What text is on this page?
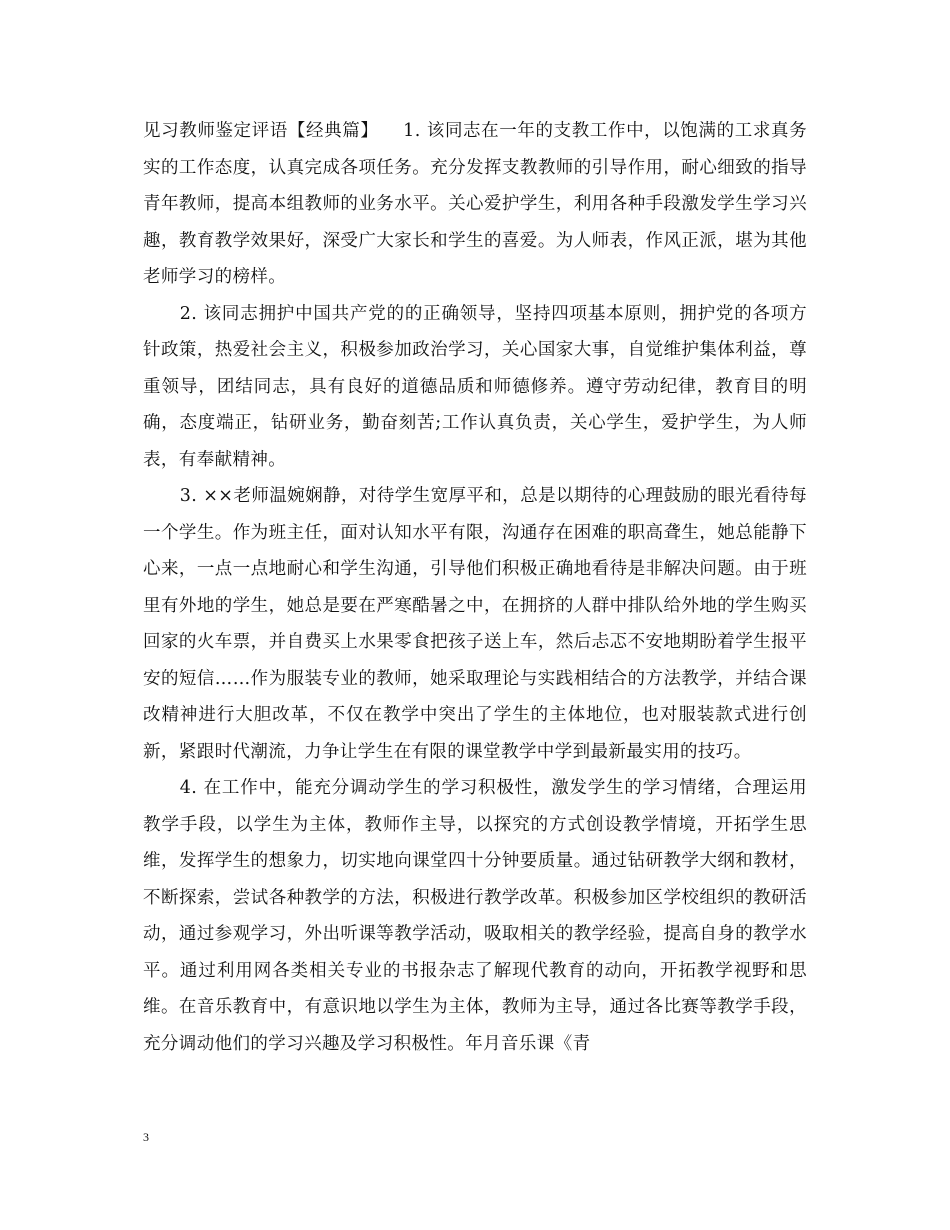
见习教师鉴定评语【经典篇】    1. 该同志在一年的支教工作中，以饱满的工求真务实的工作态度，认真完成各项任务。充分发挥支教教师的引导作用，耐心细致的指导青年教师，提高本组教师的业务水平。关心爱护学生，利用各种手段激发学生学习兴趣，教育教学效果好，深受广大家长和学生的喜爱。为人师表，作风正派，堪为其他老师学习的榜样。

2. 该同志拥护中国共产党的的正确领导，坚持四项基本原则，拥护党的各项方针政策，热爱社会主义，积极参加政治学习，关心国家大事，自觉维护集体利益，尊重领导，团结同志，具有良好的道德品质和师德修养。遵守劳动纪律，教育目的明确，态度端正，钻研业务，勤奋刻苦;工作认真负责，关心学生，爱护学生，为人师表，有奉献精神。

3. ××老师温婉娴静，对待学生宽厚平和，总是以期待的心理鼓励的眼光看待每一个学生。作为班主任，面对认知水平有限，沟通存在困难的职高聋生，她总能静下心来，一点一点地耐心和学生沟通，引导他们积极正确地看待是非解决问题。由于班里有外地的学生，她总是要在严寒酷暑之中，在拥挤的人群中排队给外地的学生购买回家的火车票，并自费买上水果零食把孩子送上车，然后忐忑不安地期盼着学生报平安的短信……作为服装专业的教师，她采取理论与实践相结合的方法教学，并结合课改精神进行大胆改革，不仅在教学中突出了学生的主体地位，也对服装款式进行创新，紧跟时代潮流，力争让学生在有限的课堂教学中学到最新最实用的技巧。

4. 在工作中，能充分调动学生的学习积极性，激发学生的学习情绪，合理运用教学手段，以学生为主体，教师作主导，以探究的方式创设教学情境，开拓学生思维，发挥学生的想象力，切实地向课堂四十分钟要质量。通过钻研教学大纲和教材，不断探索，尝试各种教学的方法，积极进行教学改革。积极参加区学校组织的教研活动，通过参观学习，外出听课等教学活动，吸取相关的教学经验，提高自身的教学水平。通过利用网各类相关专业的书报杂志了解现代教育的动向，开拓教学视野和思维。在音乐教育中，有意识地以学生为主体，教师为主导，通过各比赛等教学手段，充分调动他们的学习兴趣及学习积极性。年月音乐课《青

3
